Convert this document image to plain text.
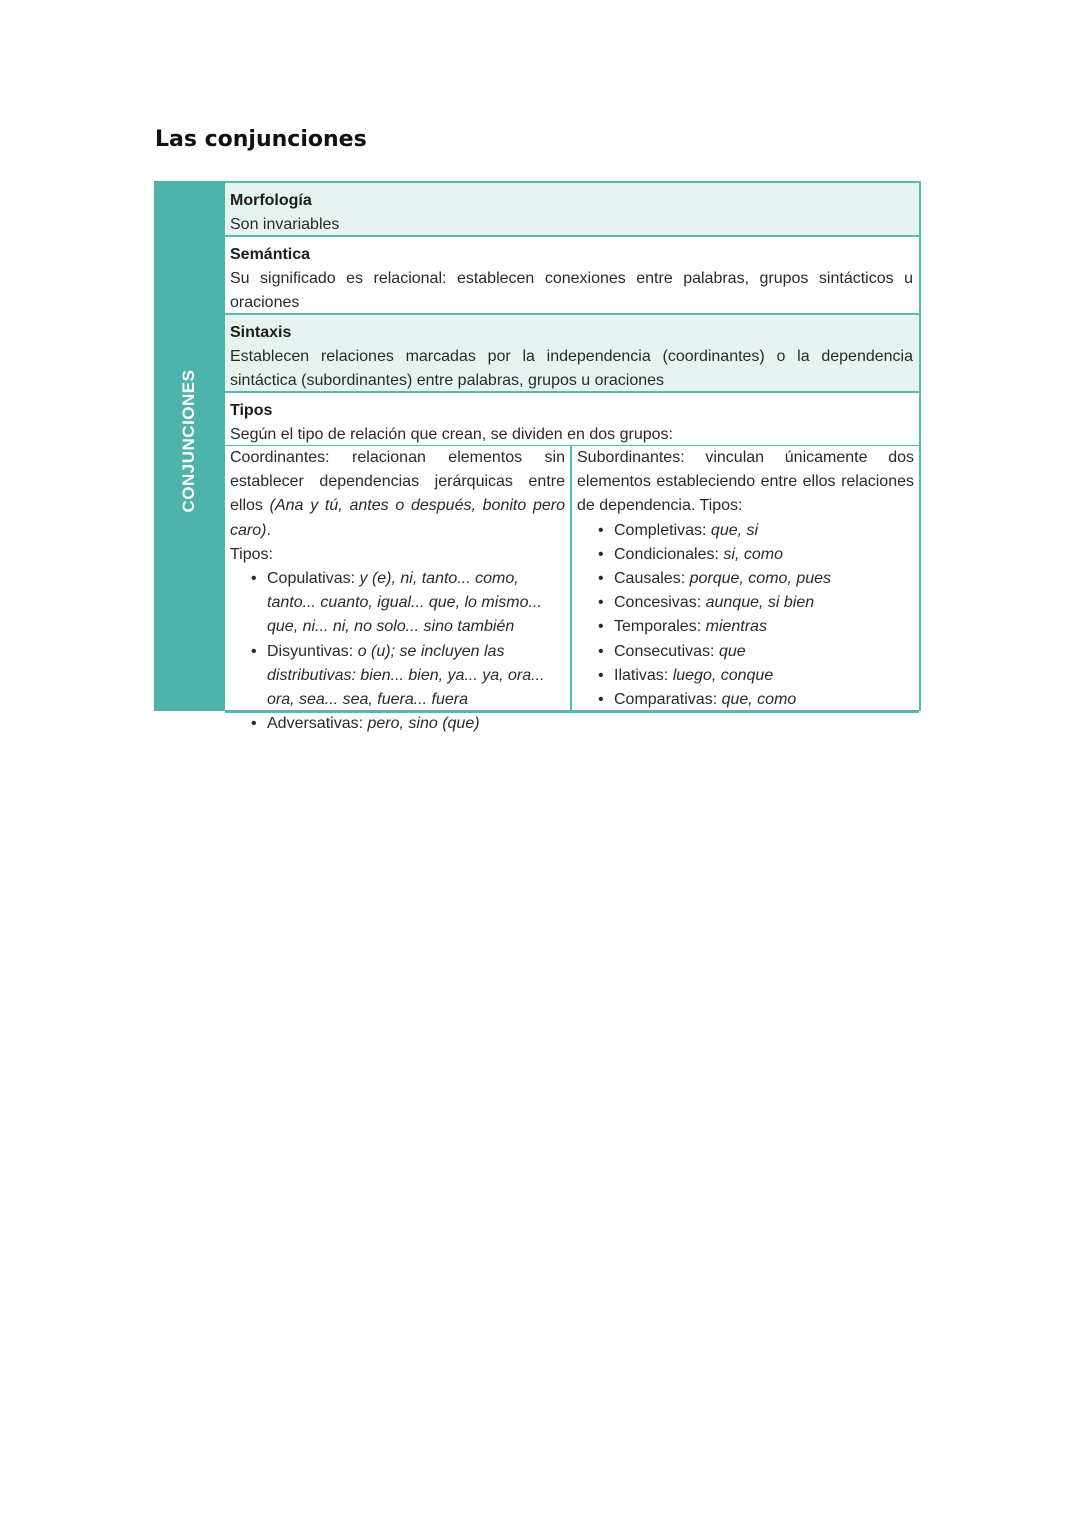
Las conjunciones
CONJUNCIONES
Morfología
Son invariables
Semántica
Su significado es relacional: establecen conexiones entre palabras, grupos sintácticos u oraciones
Sintaxis
Establecen relaciones marcadas por la independencia (coordinantes) o la dependencia sintáctica (subordinantes) entre palabras, grupos u oraciones
Tipos
Según el tipo de relación que crean, se dividen en dos grupos:
Coordinantes: relacionan elementos sin establecer dependencias jerárquicas entre ellos (Ana y tú, antes o después, bonito pero caro).
Tipos:
• Copulativas: y (e), ni, tanto... como, tanto... cuanto, igual... que, lo mismo... que, ni... ni, no solo... sino también
• Disyuntivas: o (u); se incluyen las distributivas: bien... bien, ya... ya, ora... ora, sea... sea, fuera... fuera
• Adversativas: pero, sino (que)
Subordinantes: vinculan únicamente dos elementos estableciendo entre ellos relaciones de dependencia. Tipos:
• Completivas: que, si
• Condicionales: si, como
• Causales: porque, como, pues
• Concesivas: aunque, si bien
• Temporales: mientras
• Consecutivas: que
• Ilativas: luego, conque
• Comparativas: que, como
